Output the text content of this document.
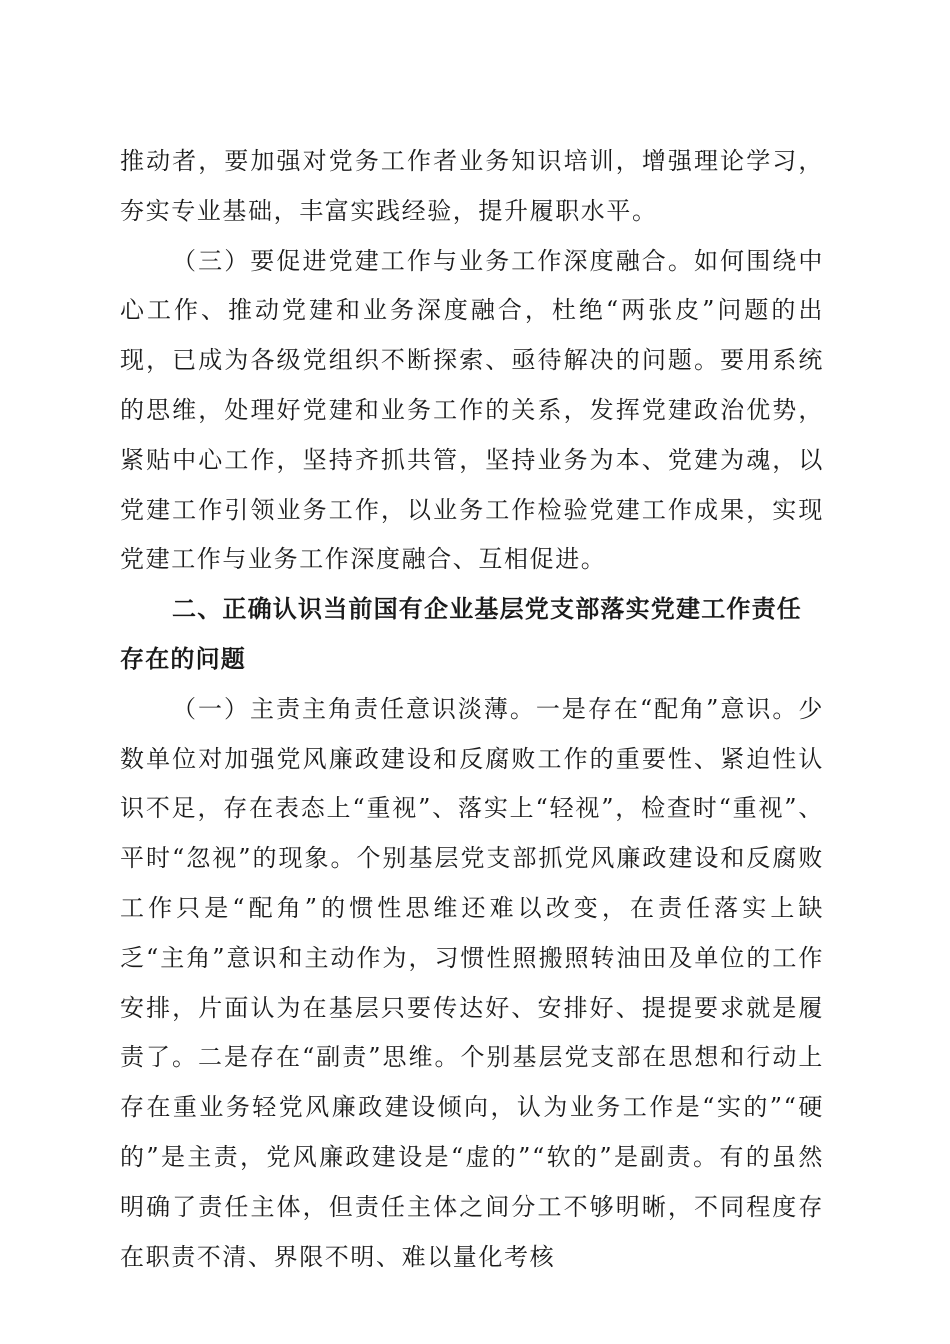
推动者，要加强对党务工作者业务知识培训，增强理论学习，夯实专业基础，丰富实践经验，提升履职水平。

（三）要促进党建工作与业务工作深度融合。如何围绕中心工作、推动党建和业务深度融合，杜绝“两张皮”问题的出现，已成为各级党组织不断探索、亟待解决的问题。要用系统的思维，处理好党建和业务工作的关系，发挥党建政治优势，紧贴中心工作，坚持齐抓共管，坚持业务为本、党建为魂，以党建工作引领业务工作，以业务工作检验党建工作成果，实现党建工作与业务工作深度融合、互相促进。

二、正确认识当前国有企业基层党支部落实党建工作责任存在的问题

（一）主责主角责任意识淡薄。一是存在“配角”意识。少数单位对加强党风廉政建设和反腐败工作的重要性、紧迫性认识不足，存在表态上“重视”、落实上“轻视”，检查时“重视”、平时“忽视”的现象。个别基层党支部抓党风廉政建设和反腐败工作只是“配角”的惯性思维还难以改变，在责任落实上缺乏“主角”意识和主动作为，习惯性照搬照转油田及单位的工作安排，片面认为在基层只要传达好、安排好、提提要求就是履责了。二是存在“副责”思维。个别基层党支部在思想和行动上存在重业务轻党风廉政建设倾向，认为业务工作是“实的”“硬的”是主责，党风廉政建设是“虚的”“软的”是副责。有的虽然明确了责任主体，但责任主体之间分工不够明晰，不同程度存在职责不清、界限不明、难以量化考核
